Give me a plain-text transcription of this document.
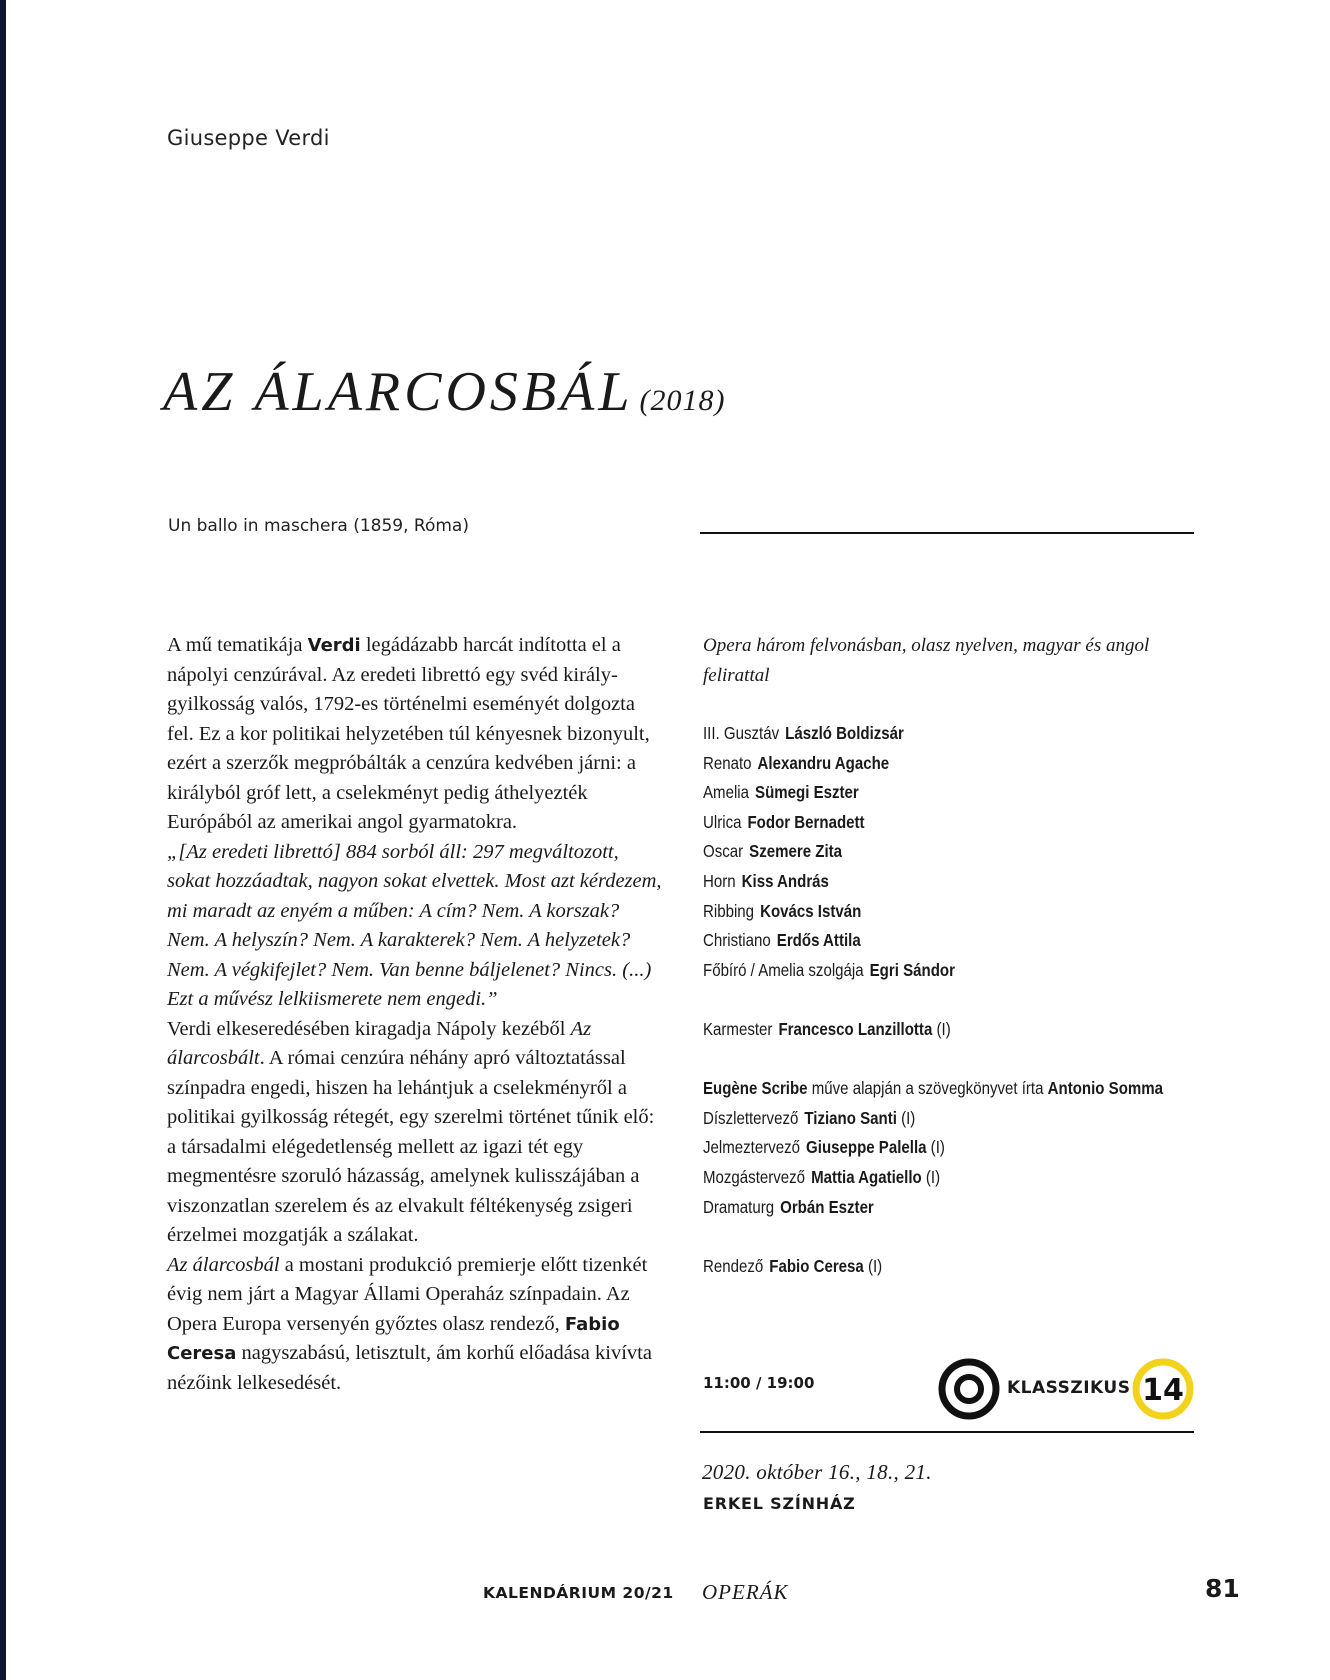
Giuseppe Verdi
AZ ÁLARCOSBÁL (2018)
Un ballo in maschera (1859, Róma)

A mű tematikája Verdi legádázabb harcát indította el a nápolyi cenzúrával. Az eredeti librettó egy svéd király-gyilkosság valós, 1792-es történelmi eseményét dolgozta fel. Ez a kor politikai helyzetében túl kényesnek bizonyult, ezért a szerzők megpróbálták a cenzúra kedvében járni: a királyból gróf lett, a cselekményt pedig áthelyezték Európából az amerikai angol gyarmatokra.

„[Az eredeti librettó] 884 sorból áll: 297 megváltozott, sokat hozzáadtak, nagyon sokat elvettek. Most azt kérdezem, mi maradt az enyém a műben: A cím? Nem. A korszak? Nem. A helyszín? Nem. A karakterek? Nem. A helyzetek? Nem. A végkifejlet? Nem. Van benne báljelenet? Nincs. (...) Ezt a művész lelkiismerete nem engedi.”

Verdi elkeseredésében kiragadja Nápoly kezéből Az álarcosbált. A római cenzúra néhány apró változtatással színpadra engedi, hiszen ha lehántjuk a cselekményről a politikai gyilkosság rétegét, egy szerelmi történet tűnik elő: a társadalmi elégedetlenség mellett az igazi tét egy megmentésre szoruló házasság, amelynek kulisszájában a viszonzatlan szerelem és az elvakult féltékenység zsigeri érzelmei mozgatják a szálakat.

Az álarcosbál a mostani produkció premierje előtt tizenkét évig nem járt a Magyar Állami Operaház színpadain. Az Opera Europa versenyén győztes olasz rendező, Fabio Ceresa nagyszabású, letisztult, ám korhű előadása kivívta nézőink lelkesedését.

Opera három felvonásban, olasz nyelven, magyar és angol felirattal

III. Gusztáv László Boldizsár
Renato Alexandru Agache
Amelia Sümegi Eszter
Ulrica Fodor Bernadett
Oscar Szemere Zita
Horn Kiss András
Ribbing Kovács István
Christiano Erdős Attila
Főbíró / Amelia szolgája Egri Sándor
Karmester Francesco Lanzillotta (I)
Eugène Scribe műve alapján a szövegkönyvet írta Antonio Somma
Díszlettervező Tiziano Santi (I)
Jelmeztervező Giuseppe Palella (I)
Mozgástervező Mattia Agatiello (I)
Dramaturg Orbán Eszter
Rendező Fabio Ceresa (I)
11:00 / 19:00	KLASSZIKUS 14
2020. október 16., 18., 21.
ERKEL SZÍNHÁZ
KALENDÁRIUM 20/21 OPERÁK	81
